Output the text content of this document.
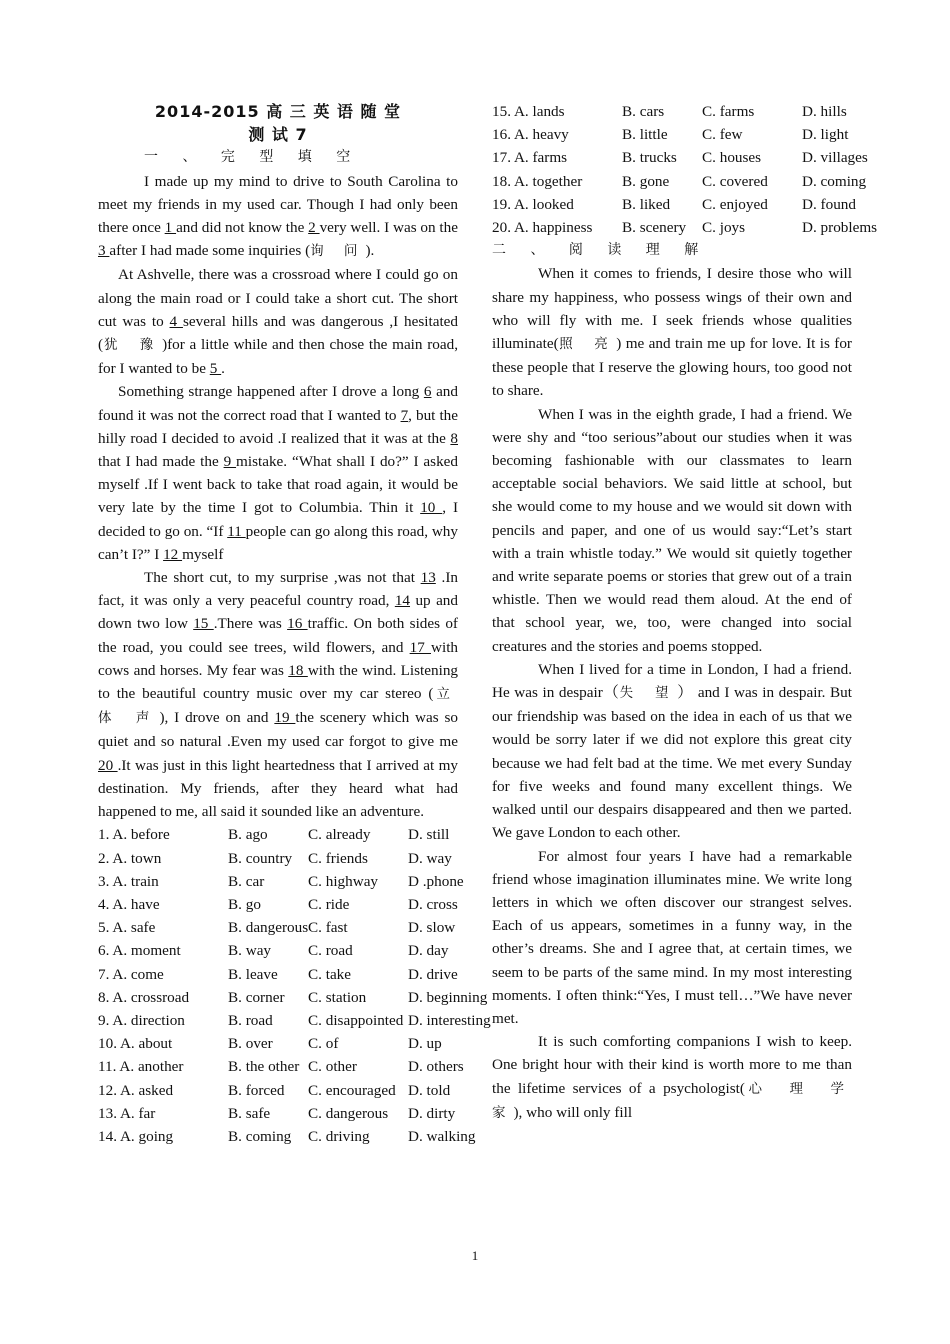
2014-2015 高 三 英 语 随 堂
测 试 7
一 、 完 型 填 空

I made up my mind to drive to South Carolina to meet my friends in my used car. Though I had only been there once 1 and did not know the 2 very well. I was on the 3 after I had made some inquiries (询 问).

At Ashvelle, there was a crossroad where I could go on along the main road or I could take a short cut. The short cut was to 4 several hills and was dangerous ,I hesitated (犹 豫)for a little while and then chose the main road, for I wanted to be 5 .

Something strange happened after I drove a long 6 and found it was not the correct road that I wanted to 7, but the hilly road I decided to avoid .I realized that it was at the 8 that I had made the 9 mistake. “What shall I do?” I asked myself .If I went back to take that road again, it would be very late by the time I got to Columbia. Thin it 10 , I decided to go on. “If 11 people can go along this road, why can’t I?” I 12 myself

The short cut, to my surprise ,was not that 13 .In fact, it was only a very peaceful country road, 14 up and down two low 15 .There was 16 traffic. On both sides of the road, you could see trees, wild flowers, and 17 with cows and horses. My fear was 18 with the wind. Listening to the beautiful country music over my car stereo (立 体 声), I drove on and 19 the scenery which was so quiet and so natural .Even my used car forgot to give me 20 .It was just in this light heartedness that I arrived at my destination. My friends, after they heard what had happened to me, all said it sounded like an adventure.

1. A. before	B. ago	C. already	D. still
2. A. town	B. country	C. friends	D. way
3. A. train	B. car	C. highway	D .phone
4. A. have	B. go	C. ride	D. cross
5. A. safe	B. dangerous C. fast	D. slow
6. A. moment	B. way	C. road	D. day
7. A. come	B. leave	C. take	D. drive
8. A. crossroad	B. corner	C. station	D. beginning
9. A. direction	B. road	C. disappointed D. interesting
10. A. about	B. over	C. of	D. up
11. A. another	B. the other C. other	D. others
12. A. asked	B. forced	C. encouraged D. told
13. A. far	B. safe	C. dangerous	D. dirty
14. A. going	B. coming	C. driving	D. walking
15. A. lands	B. cars	C. farms	D. hills
16. A. heavy	B. little	C. few	D. light
17. A. farms	B. trucks	C. houses	D. villages
18. A. together	B. gone	C. covered	D. coming
19. A. looked	B. liked	C. enjoyed	D. found
20. A. happiness	B. scenery	C. joys	D. problems
二 、 阅 读 理 解

When it comes to friends, I desire those who will share my happiness, who possess wings of their own and who will fly with me. I seek friends whose qualities illuminate(照 亮) me and train me up for love. It is for these people that I reserve the glowing hours, too good not to share.

When I was in the eighth grade, I had a friend. We were shy and “too serious”about our studies when it was becoming fashionable with our classmates to learn acceptable social behaviors. We said little at school, but she would come to my house and we would sit down with pencils and paper, and one of us would say:“Let’s start with a train whistle today.” We would sit quietly together and write separate poems or stories that grew out of a train whistle. Then we would read them aloud. At the end of that school year, we, too, were changed into social creatures and the stories and poems stopped.

When I lived for a time in London, I had a friend. He was in despair（失 望） and I was in despair. But our friendship was based on the idea in each of us that we would be sorry later if we did not explore this great city because we had felt bad at the time. We met every Sunday for five weeks and found many excellent things. We walked until our despairs disappeared and then we parted. We gave London to each other.

For almost four years I have had a remarkable friend whose imagination illuminates mine. We write long letters in which we often discover our strangest selves. Each of us appears, sometimes in a funny way, in the other’s dreams. She and I agree that, at certain times, we seem to be parts of the same mind. In my most interesting moments. I often think:“Yes, I must tell…”We have never met.

It is such comforting companions I wish to keep. One bright hour with their kind is worth more to me than the lifetime services of a psychologist(心 理 学 家), who will only fill

1
